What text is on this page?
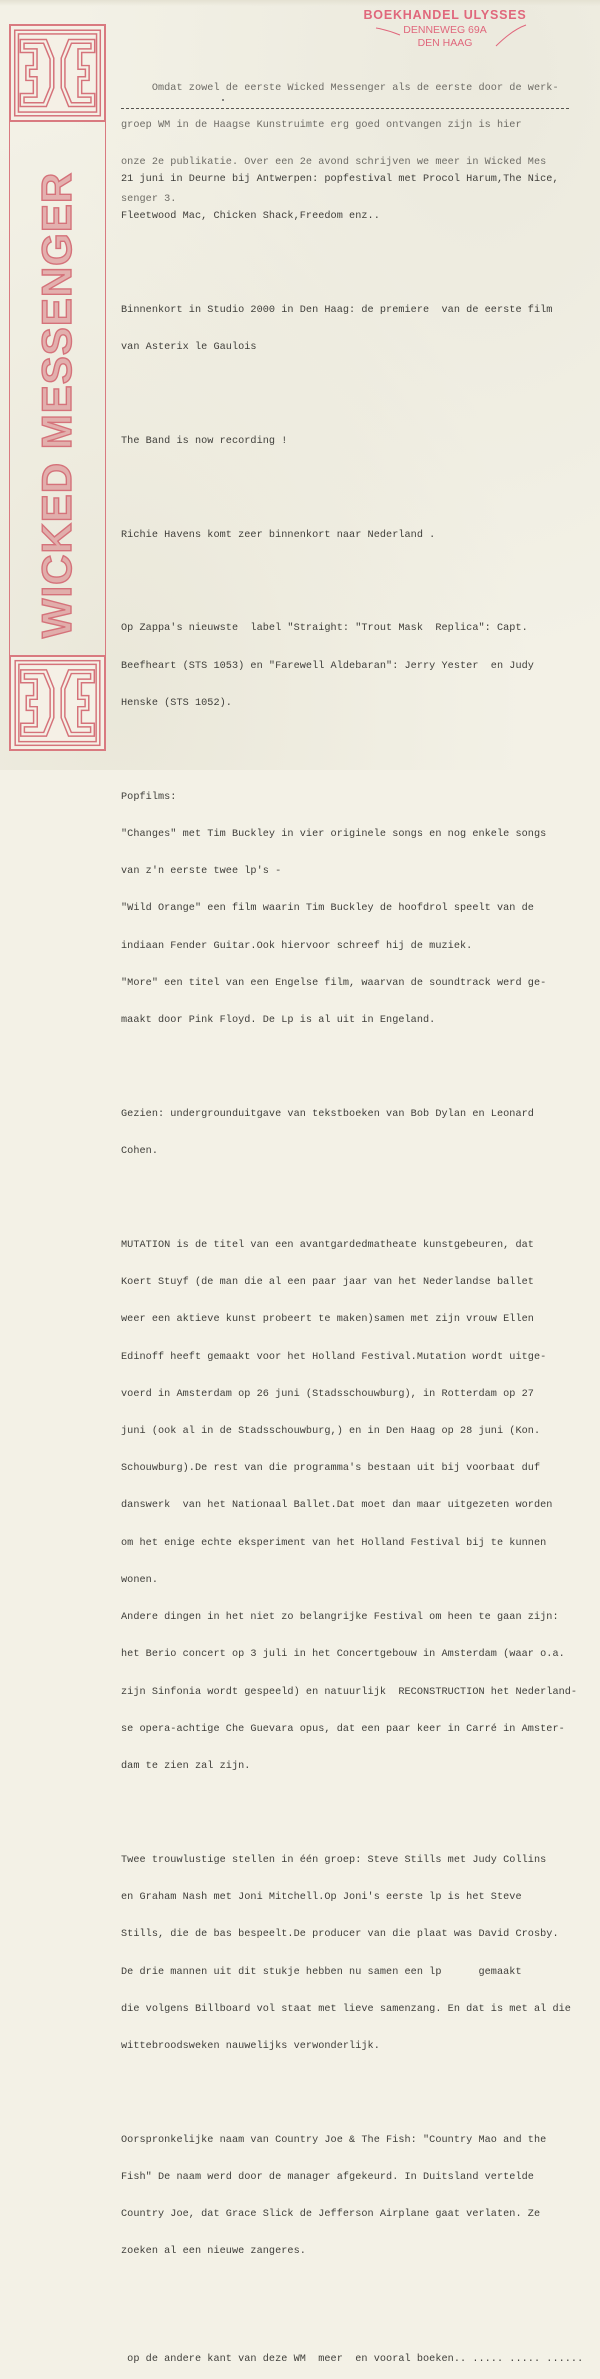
WICKED MESSENGER
BOEKHANDEL ULYSSES
DENNEWEG 69A
DEN HAAG

Omdat zowel de eerste Wicked Messenger als de eerste door de werk-

groep WM in de Haagse Kunstruimte erg goed ontvangen zijn is hier

onze 2e publikatie. Over een 2e avond schrijven we meer in Wicked Mes

senger 3.

21 juni in Deurne bij Antwerpen: popfestival met Procol Harum,The Nice,

Fleetwood Mac, Chicken Shack,Freedom enz..

Binnenkort in Studio 2000 in Den Haag: de premiere  van de eerste film

van Asterix le Gaulois

The Band is now recording !

Richie Havens komt zeer binnenkort naar Nederland .

Op Zappa's nieuwste  label "Straight: "Trout Mask  Replica": Capt.

Beefheart (STS 1053) en "Farewell Aldebaran": Jerry Yester  en Judy

Henske (STS 1052).

Popfilms:

"Changes" met Tim Buckley in vier originele songs en nog enkele songs

van z'n eerste twee lp's -

"Wild Orange" een film waarin Tim Buckley de hoofdrol speelt van de

indiaan Fender Guitar.Ook hiervoor schreef hij de muziek.

"More" een titel van een Engelse film, waarvan de soundtrack werd ge-

maakt door Pink Floyd. De Lp is al uit in Engeland.

Gezien: undergrounduitgave van tekstboeken van Bob Dylan en Leonard

Cohen.

MUTATION is de titel van een avantgardedmatheate kunstgebeuren, dat

Koert Stuyf (de man die al een paar jaar van het Nederlandse ballet

weer een aktieve kunst probeert te maken)samen met zijn vrouw Ellen

Edinoff heeft gemaakt voor het Holland Festival.Mutation wordt uitge-

voerd in Amsterdam op 26 juni (Stadsschouwburg), in Rotterdam op 27

juni (ook al in de Stadsschouwburg,) en in Den Haag op 28 juni (Kon.

Schouwburg).De rest van die programma's bestaan uit bij voorbaat duf

danswerk  van het Nationaal Ballet.Dat moet dan maar uitgezeten worden

om het enige echte eksperiment van het Holland Festival bij te kunnen

wonen.

Andere dingen in het niet zo belangrijke Festival om heen te gaan zijn:

het Berio concert op 3 juli in het Concertgebouw in Amsterdam (waar o.a.

zijn Sinfonia wordt gespeeld) en natuurlijk  RECONSTRUCTION het Nederland-

se opera-achtige Che Guevara opus, dat een paar keer in Carré in Amster-

dam te zien zal zijn.

Twee trouwlustige stellen in één groep: Steve Stills met Judy Collins

en Graham Nash met Joni Mitchell.Op Joni's eerste lp is het Steve

Stills, die de bas bespeelt.De producer van die plaat was David Crosby.

De drie mannen uit dit stukje hebben nu samen een lp      gemaakt

die volgens Billboard vol staat met lieve samenzang. En dat is met al die

wittebroodsweken nauwelijks verwonderlijk.

Oorspronkelijke naam van Country Joe & The Fish: "Country Mao and the

Fish" De naam werd door de manager afgekeurd. In Duitsland vertelde

Country Joe, dat Grace Slick de Jefferson Airplane gaat verlaten. Ze

zoeken al een nieuwe zangeres.

op de andere kant van deze WM  meer  en vooral boeken.. ..... ..... ......
